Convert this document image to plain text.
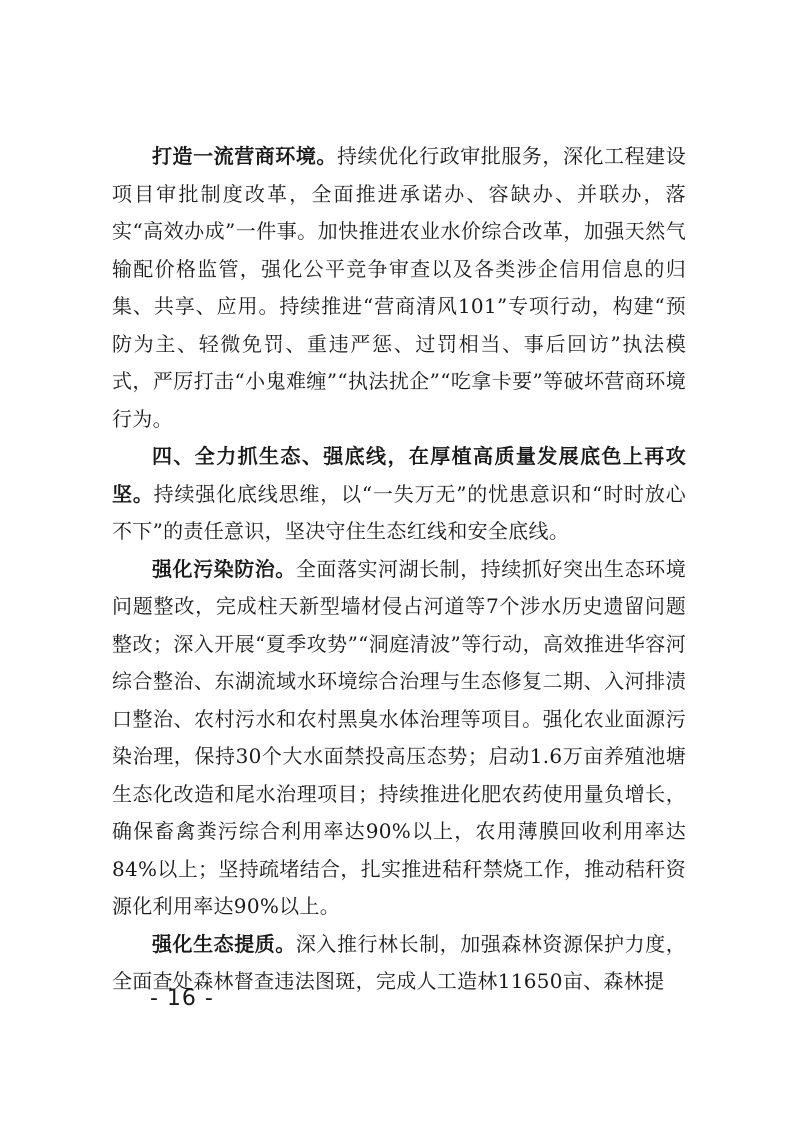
打造一流营商环境。持续优化行政审批服务，深化工程建设项目审批制度改革，全面推进承诺办、容缺办、并联办，落实“高效办成”一件事。加快推进农业水价综合改革，加强天然气输配价格监管，强化公平竞争审查以及各类涉企信用信息的归集、共享、应用。持续推进“营商清风101”专项行动，构建“预防为主、轻微免罚、重违严惩、过罚相当、事后回访”执法模式，严厉打击“小鬼难缠”“执法扰企”“吃拿卡要”等破坏营商环境行为。

四、全力抓生态、强底线，在厚植高质量发展底色上再攻坚。持续强化底线思维，以“一失万无”的忧患意识和“时时放心不下”的责任意识，坚决守住生态红线和安全底线。

强化污染防治。全面落实河湖长制，持续抓好突出生态环境问题整改，完成柱天新型墙材侵占河道等7个涉水历史遗留问题整改；深入开展“夏季攻势”“洞庭清波”等行动，高效推进华容河综合整治、东湖流域水环境综合治理与生态修复二期、入河排渍口整治、农村污水和农村黑臭水体治理等项目。强化农业面源污染治理，保持30个大水面禁投高压态势；启动1.6万亩养殖池塘生态化改造和尾水治理项目；持续推进化肥农药使用量负增长，确保畜禽粪污综合利用率达90%以上，农用薄膜回收利用率达84%以上；坚持疏堵结合，扎实推进秸秆禁烧工作，推动秸秆资源化利用率达90%以上。

强化生态提质。深入推行林长制，加强森林资源保护力度，全面查处森林督查违法图斑，完成人工造林11650亩、森林提

- 16 -
